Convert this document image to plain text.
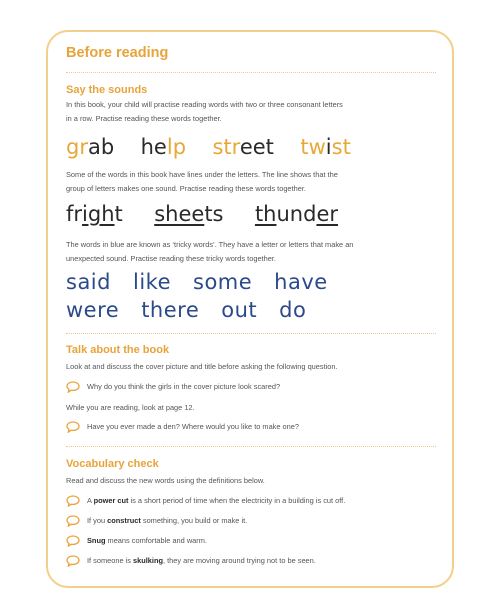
Before reading
Say the sounds
In this book, your child will practise reading words with two or three consonant letters
in a row. Practise reading these words together.
grab help street twist
Some of the words in this book have lines under the letters. The line shows that the
group of letters makes one sound. Practise reading these words together.
fright sheets thunder
The words in blue are known as ‘tricky words’. They have a letter or letters that make an
unexpected sound. Practise reading these tricky words together.
said like some have
were there out do
Talk about the book
Look at and discuss the cover picture and title before asking the following question.
Why do you think the girls in the cover picture look scared?
While you are reading, look at page 12.
Have you ever made a den? Where would you like to make one?
Vocabulary check
Read and discuss the new words using the definitions below.
A power cut is a short period of time when the electricity in a building is cut off.
If you construct something, you build or make it.
Snug means comfortable and warm.
If someone is skulking, they are moving around trying not to be seen.
